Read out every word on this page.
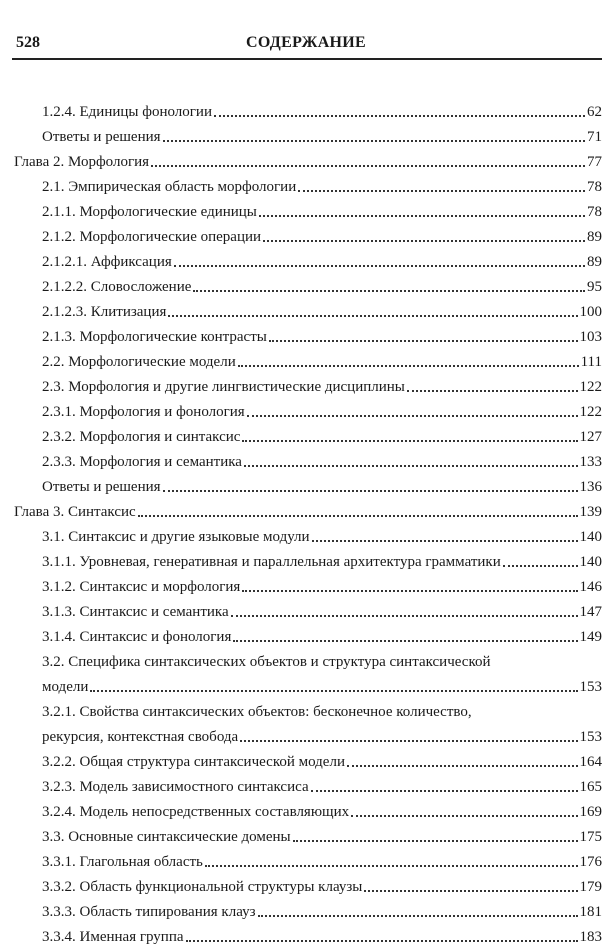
528	СОДЕРЖАНИЕ
1.2.4. Единицы фонологии	62
Ответы и решения	71
Глава 2. Морфология	77
2.1. Эмпирическая область морфологии	78
2.1.1. Морфологические единицы	78
2.1.2. Морфологические операции	89
2.1.2.1. Аффиксация	89
2.1.2.2. Словосложение	95
2.1.2.3. Клитизация	100
2.1.3. Морфологические контрасты	103
2.2. Морфологические модели	111
2.3. Морфология и другие лингвистические дисциплины	122
2.3.1. Морфология и фонология	122
2.3.2. Морфология и синтаксис	127
2.3.3. Морфология и семантика	133
Ответы и решения	136
Глава 3. Синтаксис	139
3.1. Синтаксис и другие языковые модули	140
3.1.1. Уровневая, генеративная и параллельная архитектура грамматики	140
3.1.2. Синтаксис и морфология	146
3.1.3. Синтаксис и семантика	147
3.1.4. Синтаксис и фонология	149
3.2. Специфика синтаксических объектов и структура синтаксической
модели	153
3.2.1. Свойства синтаксических объектов: бесконечное количество,
рекурсия, контекстная свобода	153
3.2.2. Общая структура синтаксической модели	164
3.2.3. Модель зависимостного синтаксиса	165
3.2.4. Модель непосредственных составляющих	169
3.3. Основные синтаксические домены	175
3.3.1. Глагольная область	176
3.3.2. Область функциональной структуры клаузы	179
3.3.3. Область типирования клауз	181
3.3.4. Именная группа	183
